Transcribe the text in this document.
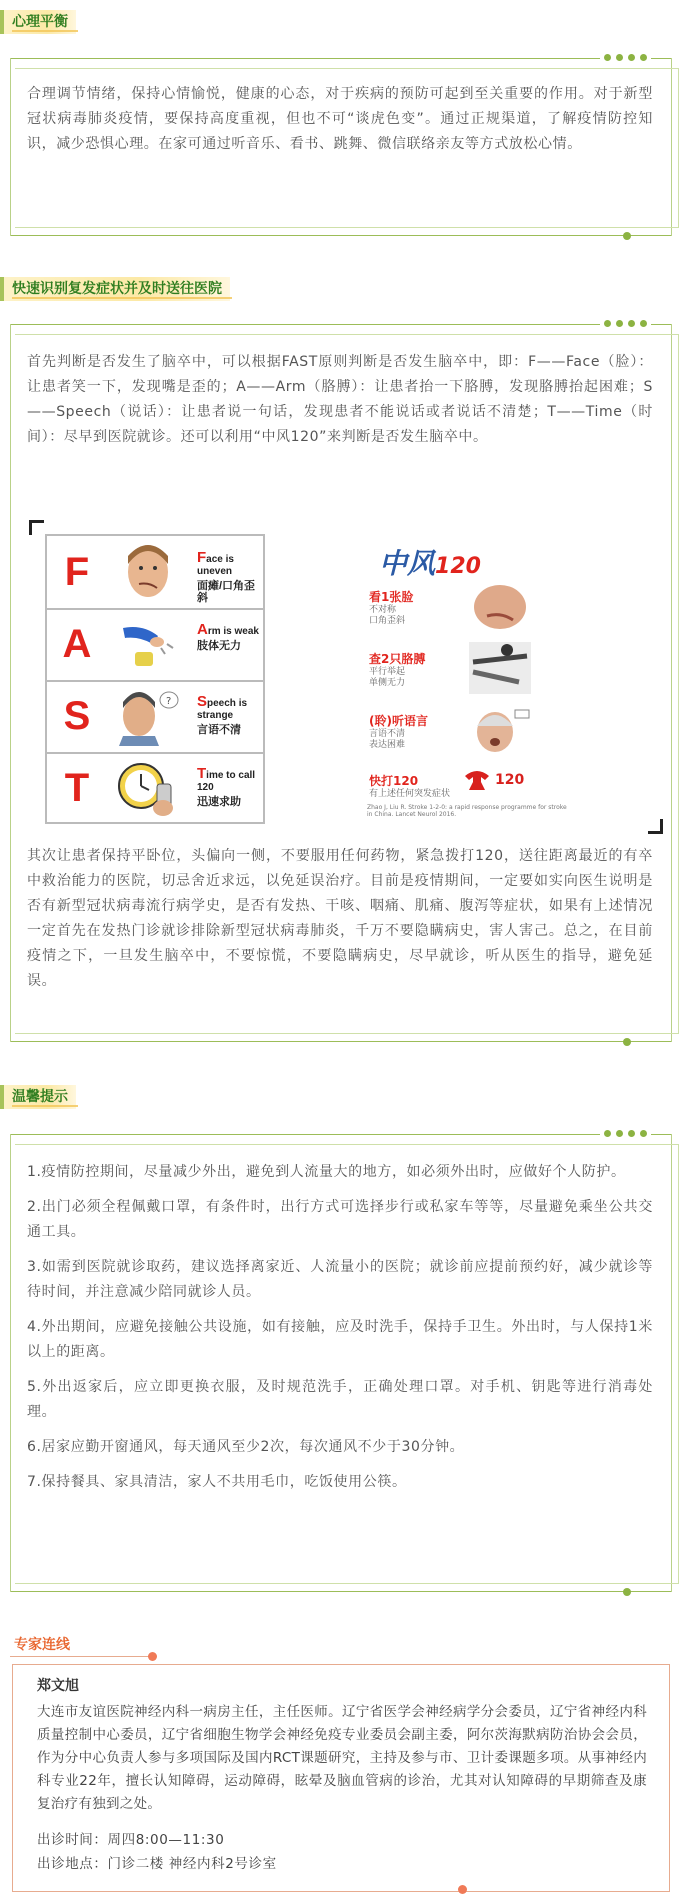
心理平衡
合理调节情绪，保持心情愉悦，健康的心态，对于疾病的预防可起到至关重要的作用。对于新型冠状病毒肺炎疫情，要保持高度重视，但也不可“谈虎色变”。通过正规渠道，了解疫情防控知识，减少恐惧心理。在家可通过听音乐、看书、跳舞、微信联络亲友等方式放松心情。
快速识别复发症状并及时送往医院
首先判断是否发生了脑卒中，可以根据FAST原则判断是否发生脑卒中，即：F——Face（脸）：让患者笑一下，发现嘴是歪的；A——Arm（胳膊）：让患者抬一下胳膊，发现胳膊抬起困难；S——Speech（说话）：让患者说一句话，发现患者不能说话或者说话不清楚；T——Time（时间）：尽早到医院就诊。还可以利用“中风120”来判断是否发生脑卒中。
F	Face is uneven
面瘫/口角歪斜
A	Arm is weak
肢体无力
S	? Speech is strange
言语不清
T	Time to call 120
迅速求助
中风120
看1张脸
不对称
口角歪斜
查2只胳膊
平行举起
单侧无力
(聆)听语言
言语不清
表达困难
快打120
有上述任何突发症状
120
Zhao J, Liu R. Stroke 1-2-0: a rapid response programme for stroke in China. Lancet Neurol 2016.
其次让患者保持平卧位，头偏向一侧，不要服用任何药物，紧急拨打120，送往距离最近的有卒中救治能力的医院，切忌舍近求远，以免延误治疗。目前是疫情期间，一定要如实向医生说明是否有新型冠状病毒流行病学史，是否有发热、干咳、咽痛、肌痛、腹泻等症状，如果有上述情况一定首先在发热门诊就诊排除新型冠状病毒肺炎，千万不要隐瞒病史，害人害己。总之，在目前疫情之下，一旦发生脑卒中，不要惊慌，不要隐瞒病史，尽早就诊，听从医生的指导，避免延误。
温馨提示

1.疫情防控期间，尽量减少外出，避免到人流量大的地方，如必须外出时，应做好个人防护。

2.出门必须全程佩戴口罩，有条件时，出行方式可选择步行或私家车等等，尽量避免乘坐公共交通工具。

3.如需到医院就诊取药，建议选择离家近、人流量小的医院；就诊前应提前预约好，减少就诊等待时间，并注意减少陪同就诊人员。

4.外出期间，应避免接触公共设施，如有接触，应及时洗手，保持手卫生。外出时，与人保持1米以上的距离。

5.外出返家后，应立即更换衣服，及时规范洗手，正确处理口罩。对手机、钥匙等进行消毒处理。

6.居家应勤开窗通风，每天通风至少2次，每次通风不少于30分钟。

7.保持餐具、家具清洁，家人不共用毛巾，吃饭使用公筷。

专家连线
郑文旭
大连市友谊医院神经内科一病房主任，主任医师。辽宁省医学会神经病学分会委员，辽宁省神经内科质量控制中心委员，辽宁省细胞生物学会神经免疫专业委员会副主委，阿尔茨海默病防治协会会员，作为分中心负责人参与多项国际及国内RCT课题研究，主持及参与市、卫计委课题多项。从事神经内科专业22年，擅长认知障碍，运动障碍，眩晕及脑血管病的诊治，尤其对认知障碍的早期筛查及康复治疗有独到之处。
出诊时间：周四8:00—11:30
出诊地点：门诊二楼 神经内科2号诊室
